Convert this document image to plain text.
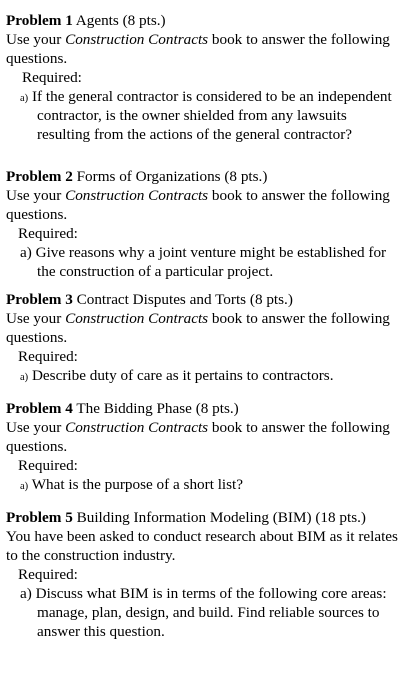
Problem 1 Agents (8 pts.)
Use your Construction Contracts book to answer the following
questions.
Required:
a) If the general contractor is considered to be an independent
contractor, is the owner shielded from any lawsuits
resulting from the actions of the general contractor?
Problem 2 Forms of Organizations (8 pts.)
Use your Construction Contracts book to answer the following
questions.
Required:
a) Give reasons why a joint venture might be established for
the construction of a particular project.
Problem 3 Contract Disputes and Torts (8 pts.)
Use your Construction Contracts book to answer the following
questions.
Required:
a) Describe duty of care as it pertains to contractors.
Problem 4 The Bidding Phase (8 pts.)
Use your Construction Contracts book to answer the following
questions.
Required:
a) What is the purpose of a short list?
Problem 5 Building Information Modeling (BIM) (18 pts.)
You have been asked to conduct research about BIM as it relates
to the construction industry.
Required:
a) Discuss what BIM is in terms of the following core areas:
manage, plan, design, and build. Find reliable sources to
answer this question.
